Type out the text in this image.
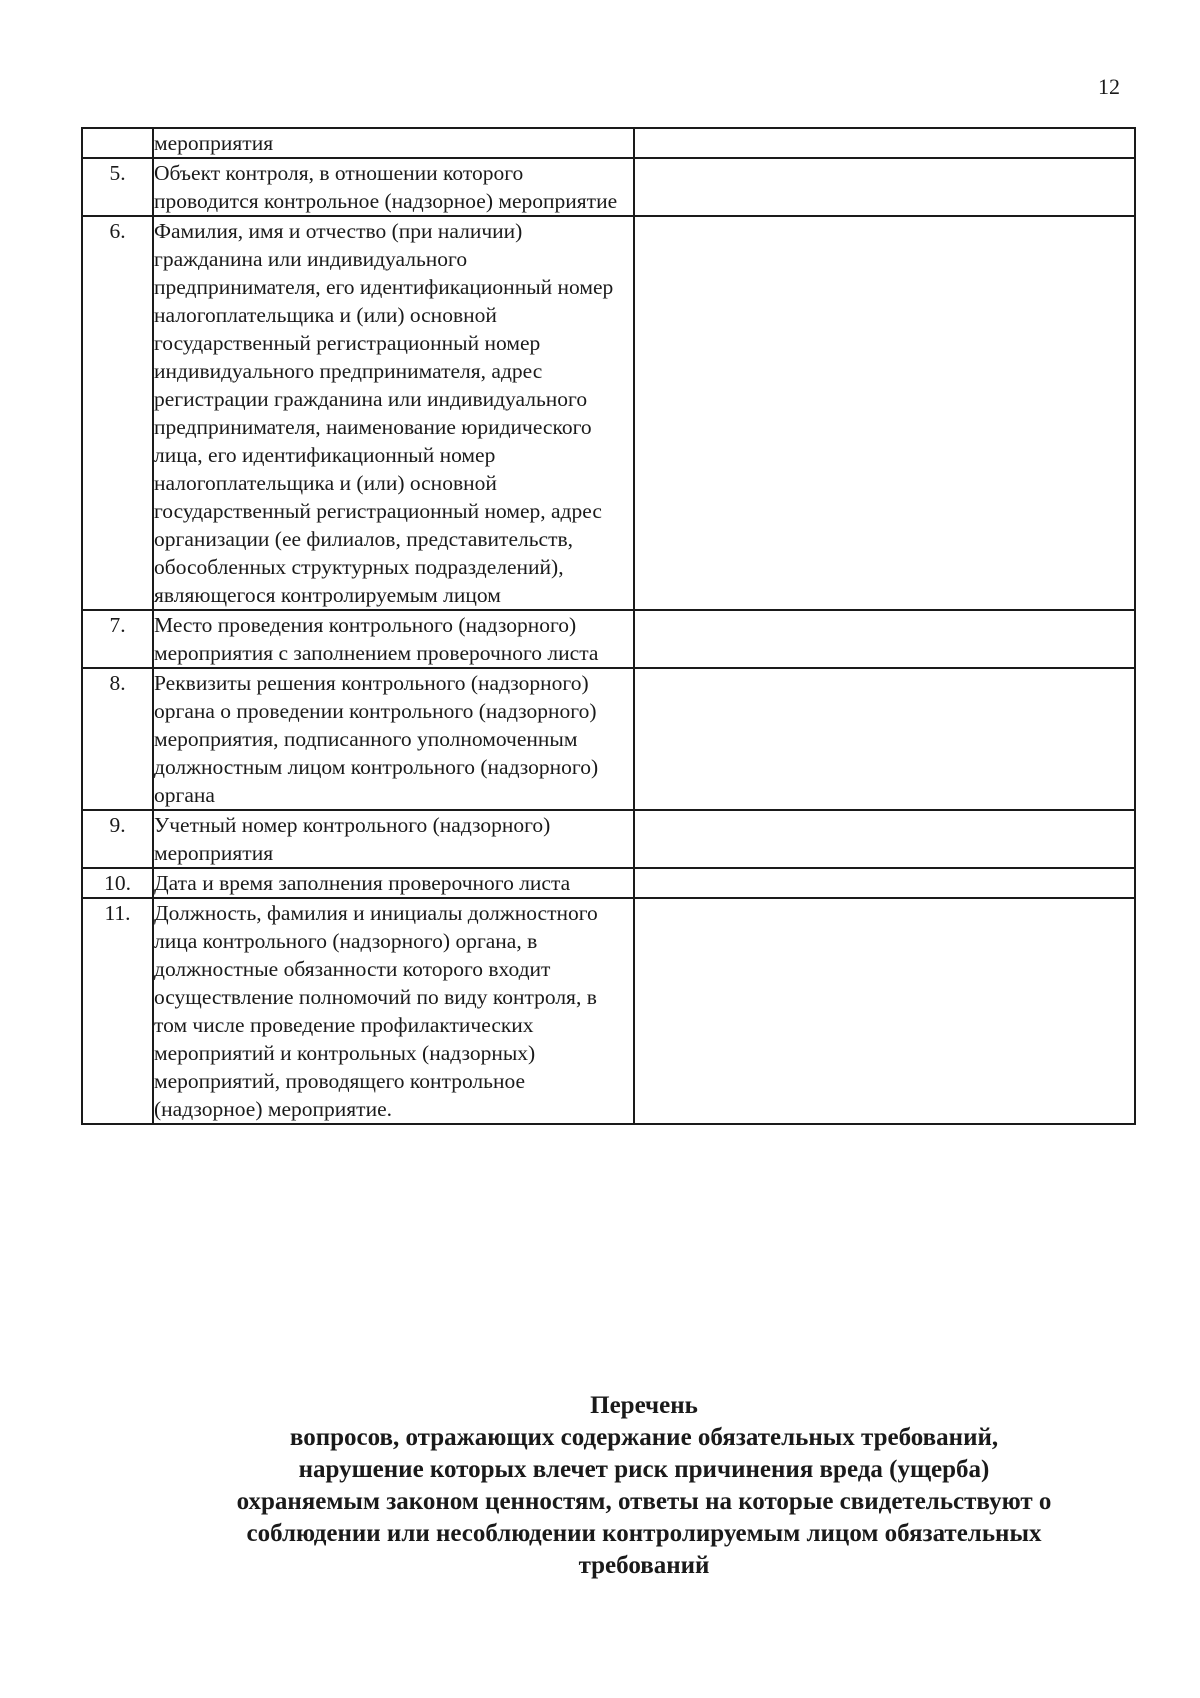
12
	мероприятия	
5.	Объект контроля, в отношении которого проводится контрольное (надзорное) мероприятие	
6.	Фамилия, имя и отчество (при наличии) гражданина или индивидуального предпринимателя, его идентификационный номер налогоплательщика и (или) основной государственный регистрационный номер индивидуального предпринимателя, адрес регистрации гражданина или индивидуального предпринимателя, наименование юридического лица, его идентификационный номер налогоплательщика и (или) основной государственный регистрационный номер, адрес организации (ее филиалов, представительств, обособленных структурных подразделений), являющегося контролируемым лицом	
7.	Место проведения контрольного (надзорного) мероприятия с заполнением проверочного листа	
8.	Реквизиты решения контрольного (надзорного) органа о проведении контрольного (надзорного) мероприятия, подписанного уполномоченным должностным лицом контрольного (надзорного) органа	
9.	Учетный номер контрольного (надзорного) мероприятия	
10.	Дата и время заполнения проверочного листа	
11.	Должность, фамилия и инициалы должностного лица контрольного (надзорного) органа, в должностные обязанности которого входит осуществление полномочий по виду контроля, в том числе проведение профилактических мероприятий и контрольных (надзорных) мероприятий, проводящего контрольное (надзорное) мероприятие.	
Перечень
вопросов, отражающих содержание обязательных требований,
нарушение которых влечет риск причинения вреда (ущерба)
охраняемым законом ценностям, ответы на которые свидетельствуют о
соблюдении или несоблюдении контролируемым лицом обязательных
требований
